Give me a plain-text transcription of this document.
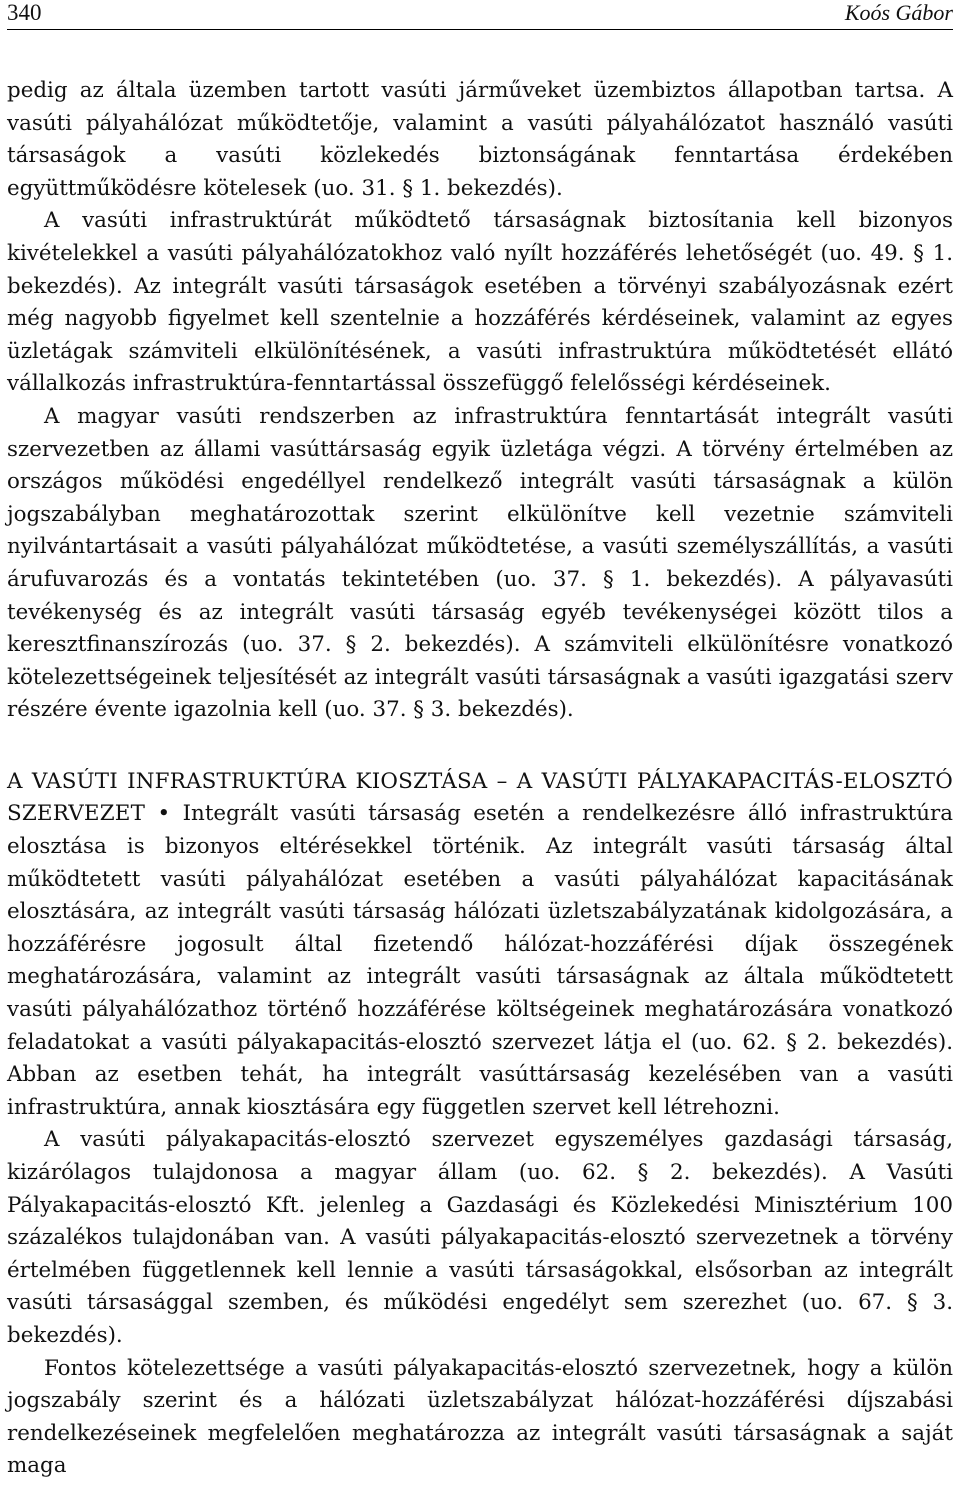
340	Koós Gábor

pedig az általa üzemben tartott vasúti járműveket üzembiztos állapotban tartsa. A vasúti pályahálózat működtetője, valamint a vasúti pályahálózatot használó vasúti társaságok a vasúti közlekedés biztonságának fenntartása érdekében együttműködésre kötelesek (uo. 31. § 1. bekezdés).

A vasúti infrastruktúrát működtető társaságnak biztosítania kell bizonyos kivételekkel a vasúti pályahálózatokhoz való nyílt hozzáférés lehetőségét (uo. 49. § 1. bekezdés). Az integrált vasúti társaságok esetében a törvényi szabályozásnak ezért még nagyobb figyelmet kell szentelnie a hozzáférés kérdéseinek, valamint az egyes üzletágak számviteli elkülönítésének, a vasúti infrastruktúra működtetését ellátó vállalkozás infrastruktúra-fenntartással összefüggő felelősségi kérdéseinek.

A magyar vasúti rendszerben az infrastruktúra fenntartását integrált vasúti szervezetben az állami vasúttársaság egyik üzletága végzi. A törvény értelmében az országos működési engedéllyel rendelkező integrált vasúti társaságnak a külön jogszabályban meghatározottak szerint elkülönítve kell vezetnie számviteli nyilvántartásait a vasúti pályahálózat működtetése, a vasúti személyszállítás, a vasúti árufuvarozás és a vontatás tekintetében (uo. 37. § 1. bekezdés). A pályavasúti tevékenység és az integrált vasúti társaság egyéb tevékenységei között tilos a keresztfinanszírozás (uo. 37. § 2. bekezdés). A számviteli elkülönítésre vonatkozó kötelezettségeinek teljesítését az integrált vasúti társaságnak a vasúti igazgatási szerv részére évente igazolnia kell (uo. 37. § 3. bekezdés).

A VASÚTI INFRASTRUKTÚRA KIOSZTÁSA – A VASÚTI PÁLYAKAPACITÁS-ELOSZTÓ SZERVEZET • Integrált vasúti társaság esetén a rendelkezésre álló infrastruktúra elosztása is bizonyos eltérésekkel történik. Az integrált vasúti társaság által működtetett vasúti pályahálózat esetében a vasúti pályahálózat kapacitásának elosztására, az integrált vasúti társaság hálózati üzletszabályzatának kidolgozására, a hozzáférésre jogosult által fizetendő hálózat-hozzáférési díjak összegének meghatározására, valamint az integrált vasúti társaságnak az általa működtetett vasúti pályahálózathoz történő hozzáférése költségeinek meghatározására vonatkozó feladatokat a vasúti pályakapacitás-elosztó szervezet látja el (uo. 62. § 2. bekezdés). Abban az esetben tehát, ha integrált vasúttársaság kezelésében van a vasúti infrastruktúra, annak kiosztására egy független szervet kell létrehozni.

A vasúti pályakapacitás-elosztó szervezet egyszemélyes gazdasági társaság, kizárólagos tulajdonosa a magyar állam (uo. 62. § 2. bekezdés). A Vasúti Pályakapacitás-elosztó Kft. jelenleg a Gazdasági és Közlekedési Minisztérium 100 százalékos tulajdonában van. A vasúti pályakapacitás-elosztó szervezetnek a törvény értelmében függetlennek kell lennie a vasúti társaságokkal, elsősorban az integrált vasúti társasággal szemben, és működési engedélyt sem szerezhet (uo. 67. § 3. bekezdés).

Fontos kötelezettsége a vasúti pályakapacitás-elosztó szervezetnek, hogy a külön jogszabály szerint és a hálózati üzletszabályzat hálózat-hozzáférési díjszabási rendelkezéseinek megfelelően meghatározza az integrált vasúti társaságnak a saját maga
